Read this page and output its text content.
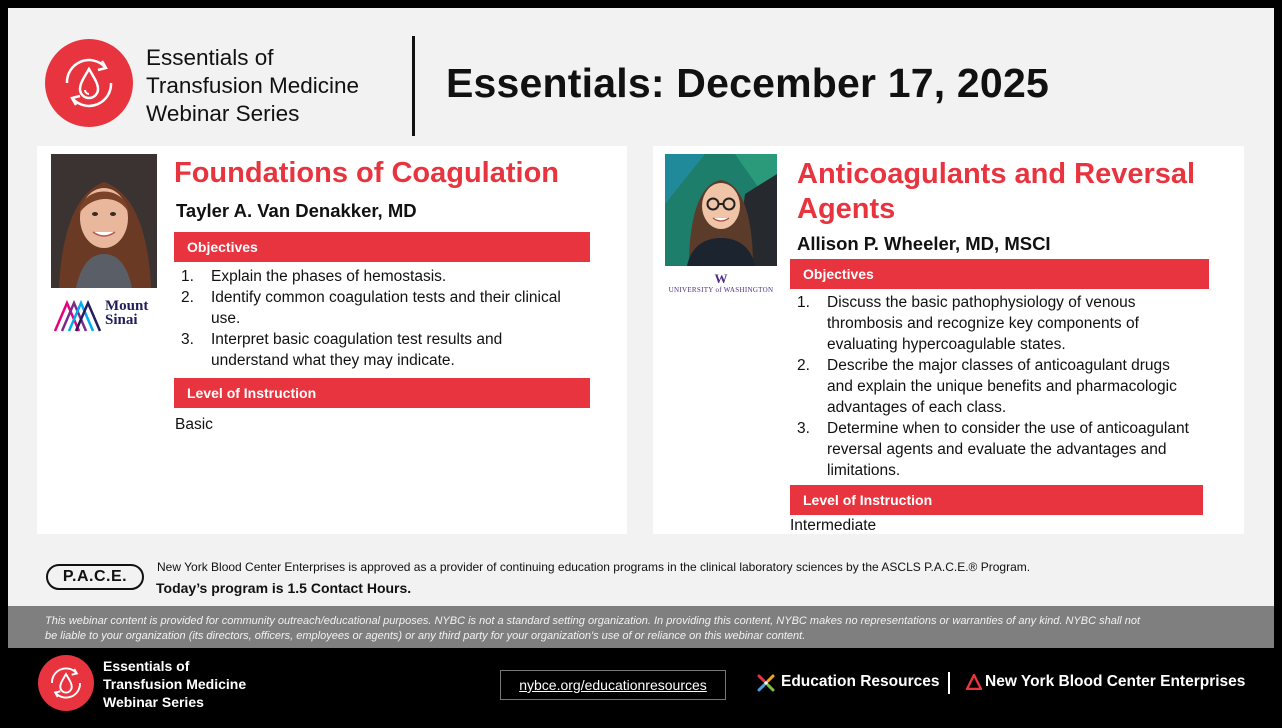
Essentials of
Transfusion Medicine
Webinar Series
Essentials: December 17, 2025
Mount
Sinai
Foundations of Coagulation
Tayler A. Van Denakker, MD
Objectives
1. Explain the phases of hemostasis.
2. Identify common coagulation tests and their clinical use.
3. Interpret basic coagulation test results and understand what they may indicate.
Level of Instruction
Basic
W
UNIVERSITY of WASHINGTON
Anticoagulants and Reversal Agents
Allison P. Wheeler, MD, MSCI
Objectives
1. Discuss the basic pathophysiology of venous thrombosis and recognize key components of evaluating hypercoagulable states.
2. Describe the major classes of anticoagulant drugs and explain the unique benefits and pharmacologic advantages of each class.
3. Determine when to consider the use of anticoagulant reversal agents and evaluate the advantages and limitations.
Level of Instruction
Intermediate
P.A.C.E.
New York Blood Center Enterprises is approved as a provider of continuing education programs in the clinical laboratory sciences by the ASCLS P.A.C.E.® Program.
Today’s program is 1.5 Contact Hours.
This webinar content is provided for community outreach/educational purposes. NYBC is not a standard setting organization. In providing this content, NYBC makes no representations or warranties of any kind. NYBC shall not be liable to your organization (its directors, officers, employees or agents) or any third party for your organization's use of or reliance on this webinar content.
Essentials of
Transfusion Medicine
Webinar Series
nybce.org/educationresources	Education Resources	New York Blood Center Enterprises
